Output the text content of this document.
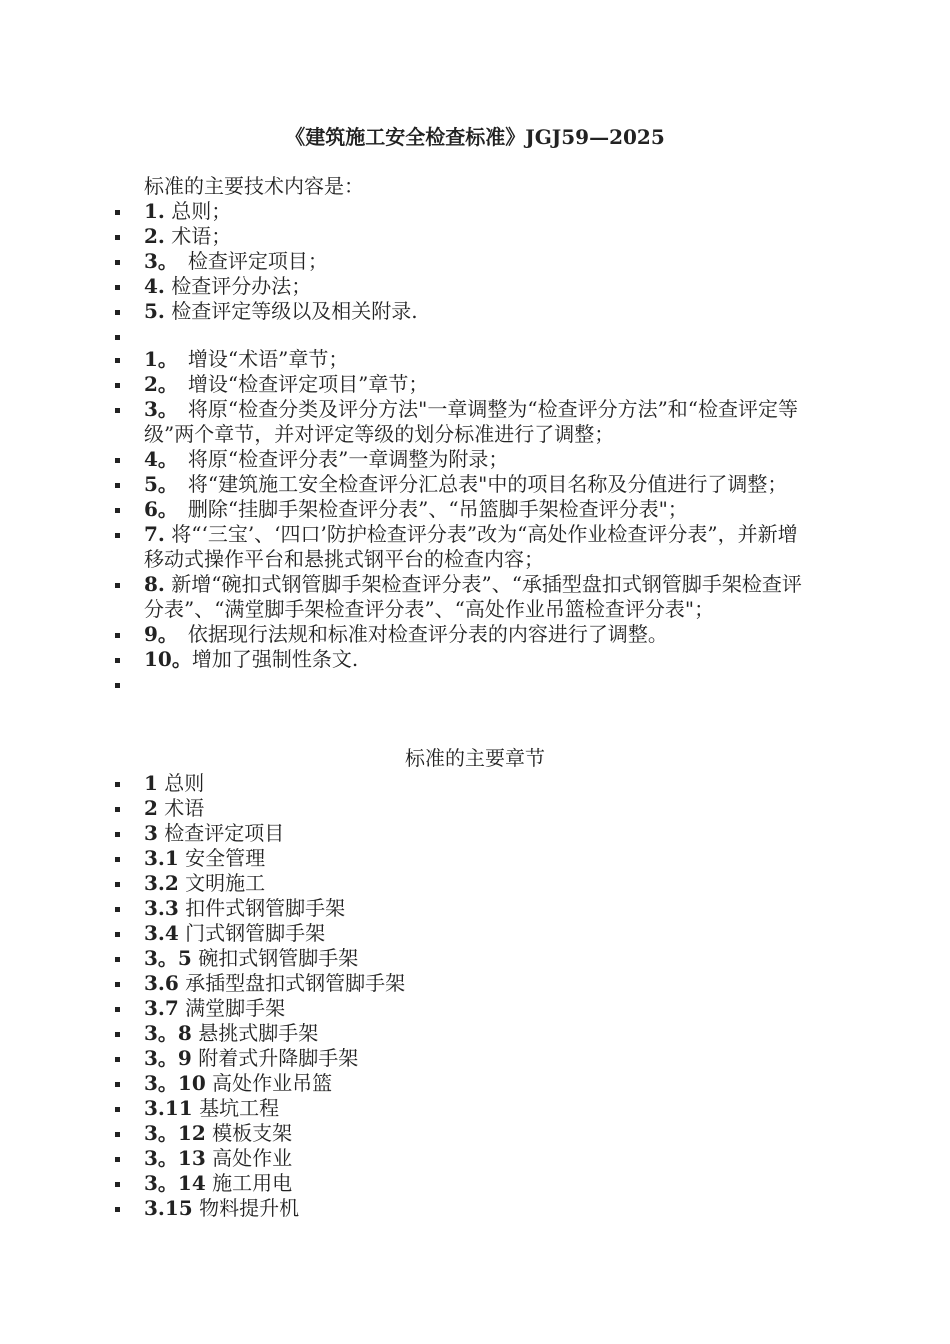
《建筑施工安全检查标准》JGJ59—2025

标准的主要技术内容是：

1. 总则；
2. 术语；
3。　检查评定项目；
4. 检查评分办法；
5. 检查评定等级以及相关附录.
1。　增设“术语”章节；
2。　增设“检查评定项目”章节；
3。　将原“检查分类及评分方法"一章调整为“检查评分方法”和“检查评定等级”两个章节，并对评定等级的划分标准进行了调整；
4。　将原“检查评分表”一章调整为附录；
5。　将“建筑施工安全检查评分汇总表"中的项目名称及分值进行了调整；
6。　删除“挂脚手架检查评分表”、“吊篮脚手架检查评分表"；
7. 将“‘三宝’、‘四口’防护检查评分表”改为“高处作业检查评分表”，并新增移动式操作平台和悬挑式钢平台的检查内容；
8. 新增“碗扣式钢管脚手架检查评分表”、“承插型盘扣式钢管脚手架检查评分表”、“满堂脚手架检查评分表”、“高处作业吊篮检查评分表"；
9。　依据现行法规和标准对检查评分表的内容进行了调整。
10。增加了强制性条文.

标准的主要章节

1 总则
2 术语
3 检查评定项目
3.1 安全管理
3.2 文明施工
3.3 扣件式钢管脚手架
3.4 门式钢管脚手架
3。5 碗扣式钢管脚手架
3.6 承插型盘扣式钢管脚手架
3.7 满堂脚手架
3。8 悬挑式脚手架
3。9 附着式升降脚手架
3。10 高处作业吊篮
3.11 基坑工程
3。12 模板支架
3。13 高处作业
3。14 施工用电
3.15 物料提升机
